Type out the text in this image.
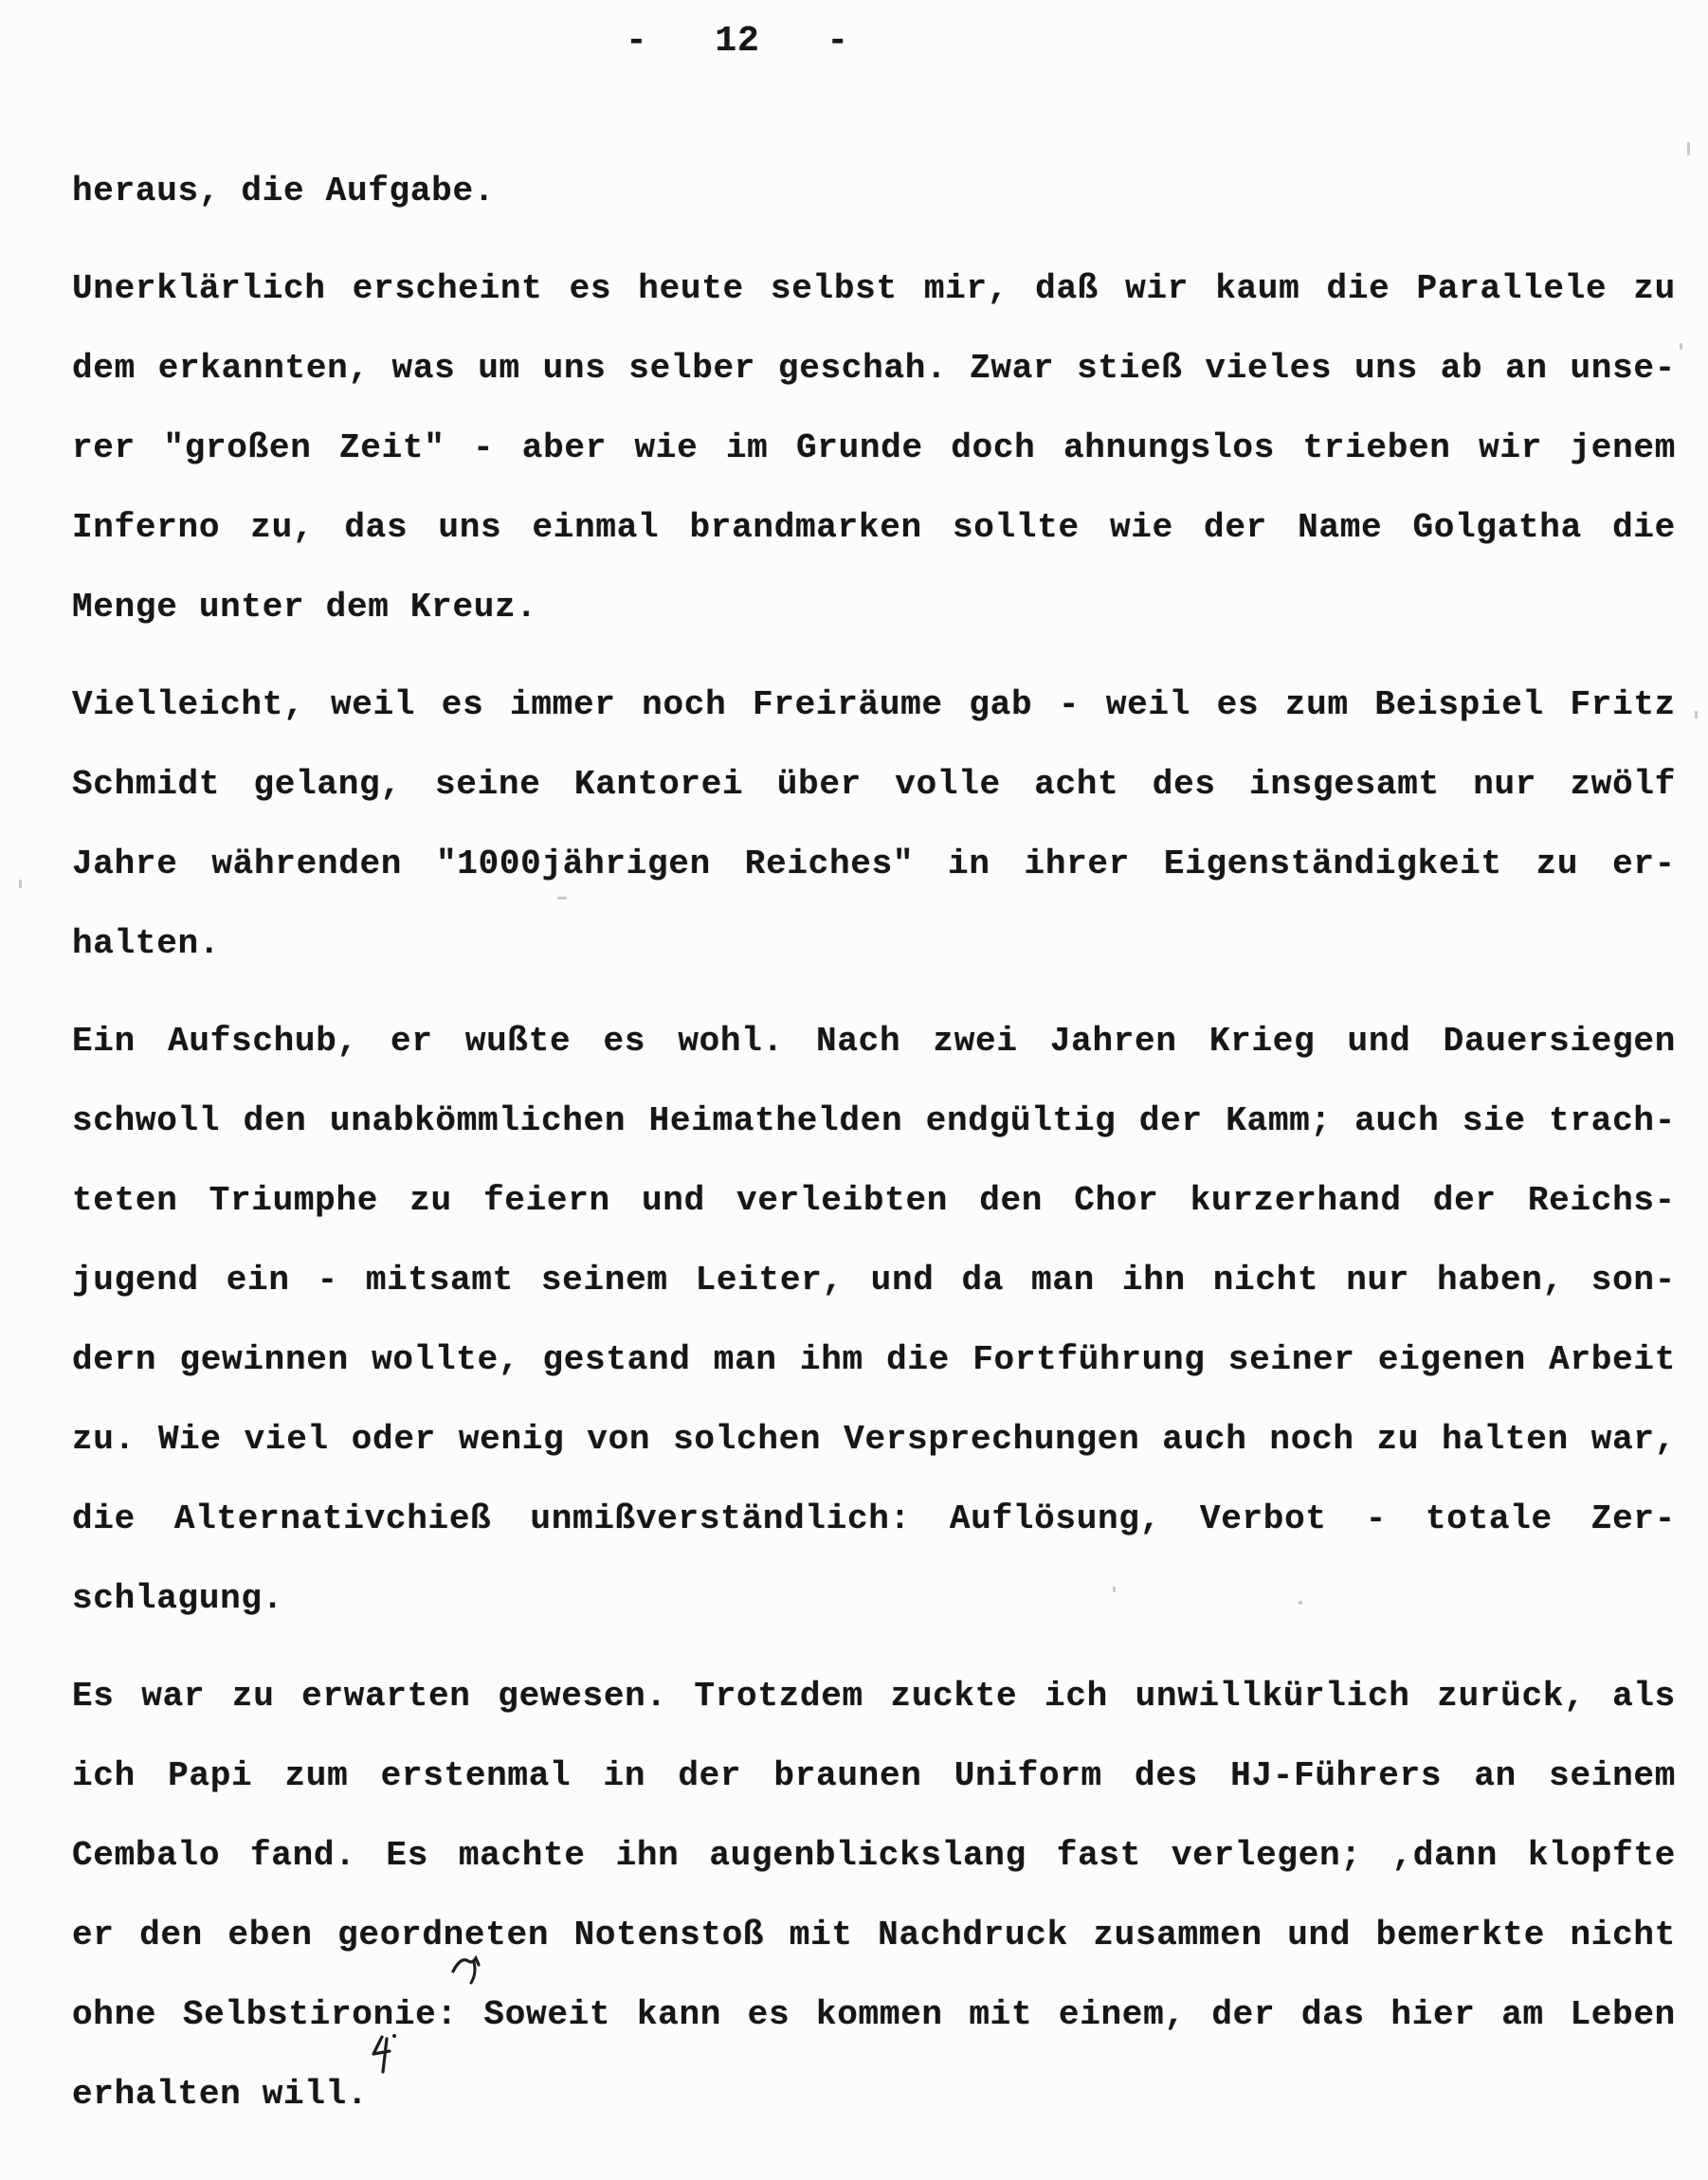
-   12   -
heraus, die Aufgabe.
Unerklärlich erscheint es heute selbst mir, daß wir kaum die Parallele zu
dem erkannten, was um uns selber geschah. Zwar stieß vieles uns ab an unse-
rer "großen Zeit" - aber wie im Grunde doch ahnungslos trieben wir jenem
Inferno zu, das uns einmal brandmarken sollte wie der Name Golgatha die
Menge unter dem Kreuz.
Vielleicht, weil es immer noch Freiräume gab - weil es zum Beispiel Fritz
Schmidt gelang, seine Kantorei über volle acht des insgesamt nur zwölf
Jahre währenden "1000jährigen Reiches" in ihrer Eigenständigkeit zu er-
halten.
Ein Aufschub, er wußte es wohl. Nach zwei Jahren Krieg und Dauersiegen
schwoll den unabkömmlichen Heimathelden endgültig der Kamm; auch sie trach-
teten Triumphe zu feiern und verleibten den Chor kurzerhand der Reichs-
jugend ein - mitsamt seinem Leiter, und da man ihn nicht nur haben, son-
dern gewinnen wollte, gestand man ihm die Fortführung seiner eigenen Arbeit
zu. Wie viel oder wenig von solchen Versprechungen auch noch zu halten war,
die Alternativchieß unmißverständlich: Auflösung, Verbot - totale Zer-
schlagung.
Es war zu erwarten gewesen. Trotzdem zuckte ich unwillkürlich zurück, als
ich Papi zum erstenmal in der braunen Uniform des HJ-Führers an seinem
Cembalo fand. Es machte ihn augenblickslang fast verlegen; ,dann klopfte
er den eben geordneten Notenstoß mit Nachdruck zusammen und bemerkte nicht
ohne Selbstironie: Soweit kann es kommen mit einem, der das hier am Leben
erhalten will.
